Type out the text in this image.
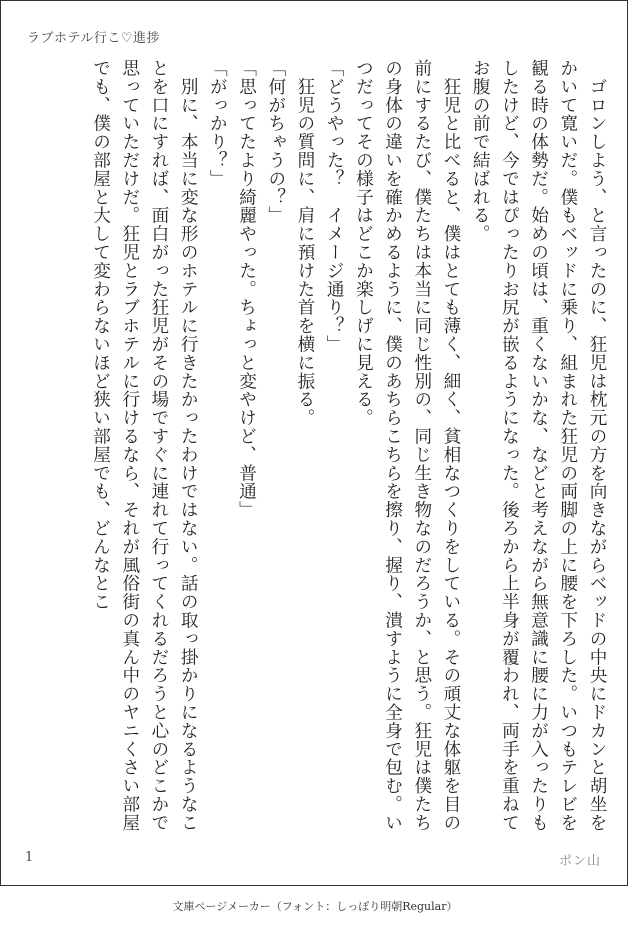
ラブホテル行こ♡進捗

　ゴロンしよう、と言ったのに、狂児は枕元の方を向きながらベッドの中央にドカンと胡坐をかいて寛いだ。僕もベッドに乗り、組まれた狂児の両脚の上に腰を下ろした。いつもテレビを観る時の体勢だ。始めの頃は、重くないかな、などと考えながら無意識に腰に力が入ったりもしたけど、今ではぴったりお尻が嵌るようになった。後ろから上半身が覆われ、両手を重ねてお腹の前で結ばれる。

　狂児と比べると、僕はとても薄く、細く、貧相なつくりをしている。その頑丈な体躯を目の前にするたび、僕たちは本当に同じ性別の、同じ生き物なのだろうか、と思う。狂児は僕たちの身体の違いを確かめるように、僕のあちらこちらを擦り、握り、潰すように全身で包む。いつだってその様子はどこか楽しげに見える。

「どうやった？　イメージ通り？」

　狂児の質問に、肩に預けた首を横に振る。

「何がちゃうの？」

「思ってたより綺麗やった。ちょっと変やけど、普通」

「がっかり？」

　別に、本当に変な形のホテルに行きたかったわけではない。話の取っ掛かりになるようなことを口にすれば、面白がった狂児がその場ですぐに連れて行ってくれるだろうと心のどこかで思っていただけだ。狂児とラブホテルに行けるなら、それが風俗街の真ん中のヤニくさい部屋でも、僕の部屋と大して変わらないほど狭い部屋でも、どんなとこ

1	ポン山
文庫ページメーカー（フォント：しっぽり明朝Regular）
